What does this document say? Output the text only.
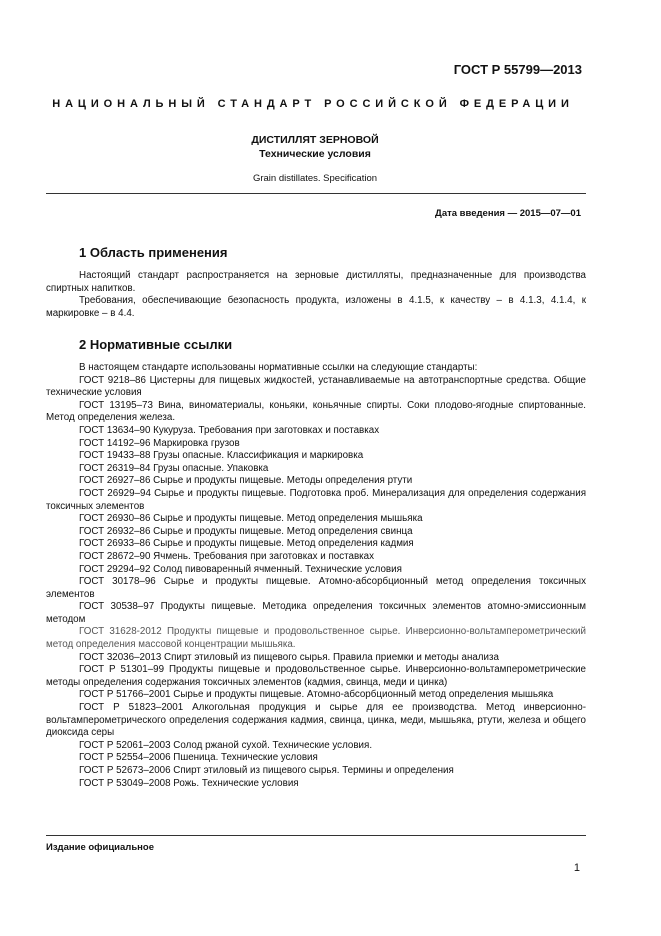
ГОСТ Р 55799—2013
НАЦИОНАЛЬНЫЙ СТАНДАРТ РОССИЙСКОЙ ФЕДЕРАЦИИ
ДИСТИЛЛЯТ ЗЕРНОВОЙ
Технические условия
Grain distillates. Specification
Дата введения — 2015—07—01
1 Область применения

Настоящий стандарт распространяется на зерновые дистилляты, предназначенные для производства спиртных напитков.

Требования, обеспечивающие безопасность продукта, изложены в 4.1.5, к качеству – в 4.1.3, 4.1.4, к маркировке – в 4.4.

2 Нормативные ссылки

В настоящем стандарте использованы нормативные ссылки на следующие стандарты:

ГОСТ 9218–86 Цистерны для пищевых жидкостей, устанавливаемые на автотранспортные средства. Общие технические условия

ГОСТ 13195–73 Вина, виноматериалы, коньяки, коньячные спирты. Соки плодово-ягодные спиртованные. Метод определения железа.

ГОСТ 13634–90 Кукуруза. Требования при заготовках и поставках

ГОСТ 14192–96 Маркировка грузов

ГОСТ 19433–88 Грузы опасные. Классификация и маркировка

ГОСТ 26319–84 Грузы опасные. Упаковка

ГОСТ 26927–86 Сырье и продукты пищевые. Методы определения ртути

ГОСТ 26929–94 Сырье и продукты пищевые. Подготовка проб. Минерализация для определения содержания токсичных элементов

ГОСТ 26930–86 Сырье и продукты пищевые. Метод определения мышьяка

ГОСТ 26932–86 Сырье и продукты пищевые. Метод определения свинца

ГОСТ 26933–86 Сырье и продукты пищевые. Метод определения кадмия

ГОСТ 28672–90 Ячмень. Требования при заготовках и поставках

ГОСТ 29294–92 Солод пивоваренный ячменный. Технические условия

ГОСТ 30178–96 Сырье и продукты пищевые. Атомно-абсорбционный метод определения токсичных элементов

ГОСТ 30538–97 Продукты пищевые. Методика определения токсичных элементов атомно-эмиссионным методом

ГОСТ 31628-2012 Продукты пищевые и продовольственное сырье. Инверсионно-вольтамперометрический метод определения массовой концентрации мышьяка.

ГОСТ 32036–2013 Спирт этиловый из пищевого сырья. Правила приемки и методы анализа

ГОСТ Р 51301–99 Продукты пищевые и продовольственное сырье. Инверсионно-вольтамперометрические методы определения содержания токсичных элементов (кадмия, свинца, меди и цинка)

ГОСТ Р 51766–2001 Сырье и продукты пищевые. Атомно-абсорбционный метод определения мышьяка

ГОСТ Р 51823–2001 Алкогольная продукция и сырье для ее производства. Метод инверсионно-вольтамперометрического определения содержания кадмия, свинца, цинка, меди, мышьяка, ртути, железа и общего диоксида серы

ГОСТ Р 52061–2003 Солод ржаной сухой. Технические условия.

ГОСТ Р 52554–2006 Пшеница. Технические условия

ГОСТ Р 52673–2006 Спирт этиловый из пищевого сырья. Термины и определения

ГОСТ Р 53049–2008 Рожь. Технические условия

Издание официальное
1
